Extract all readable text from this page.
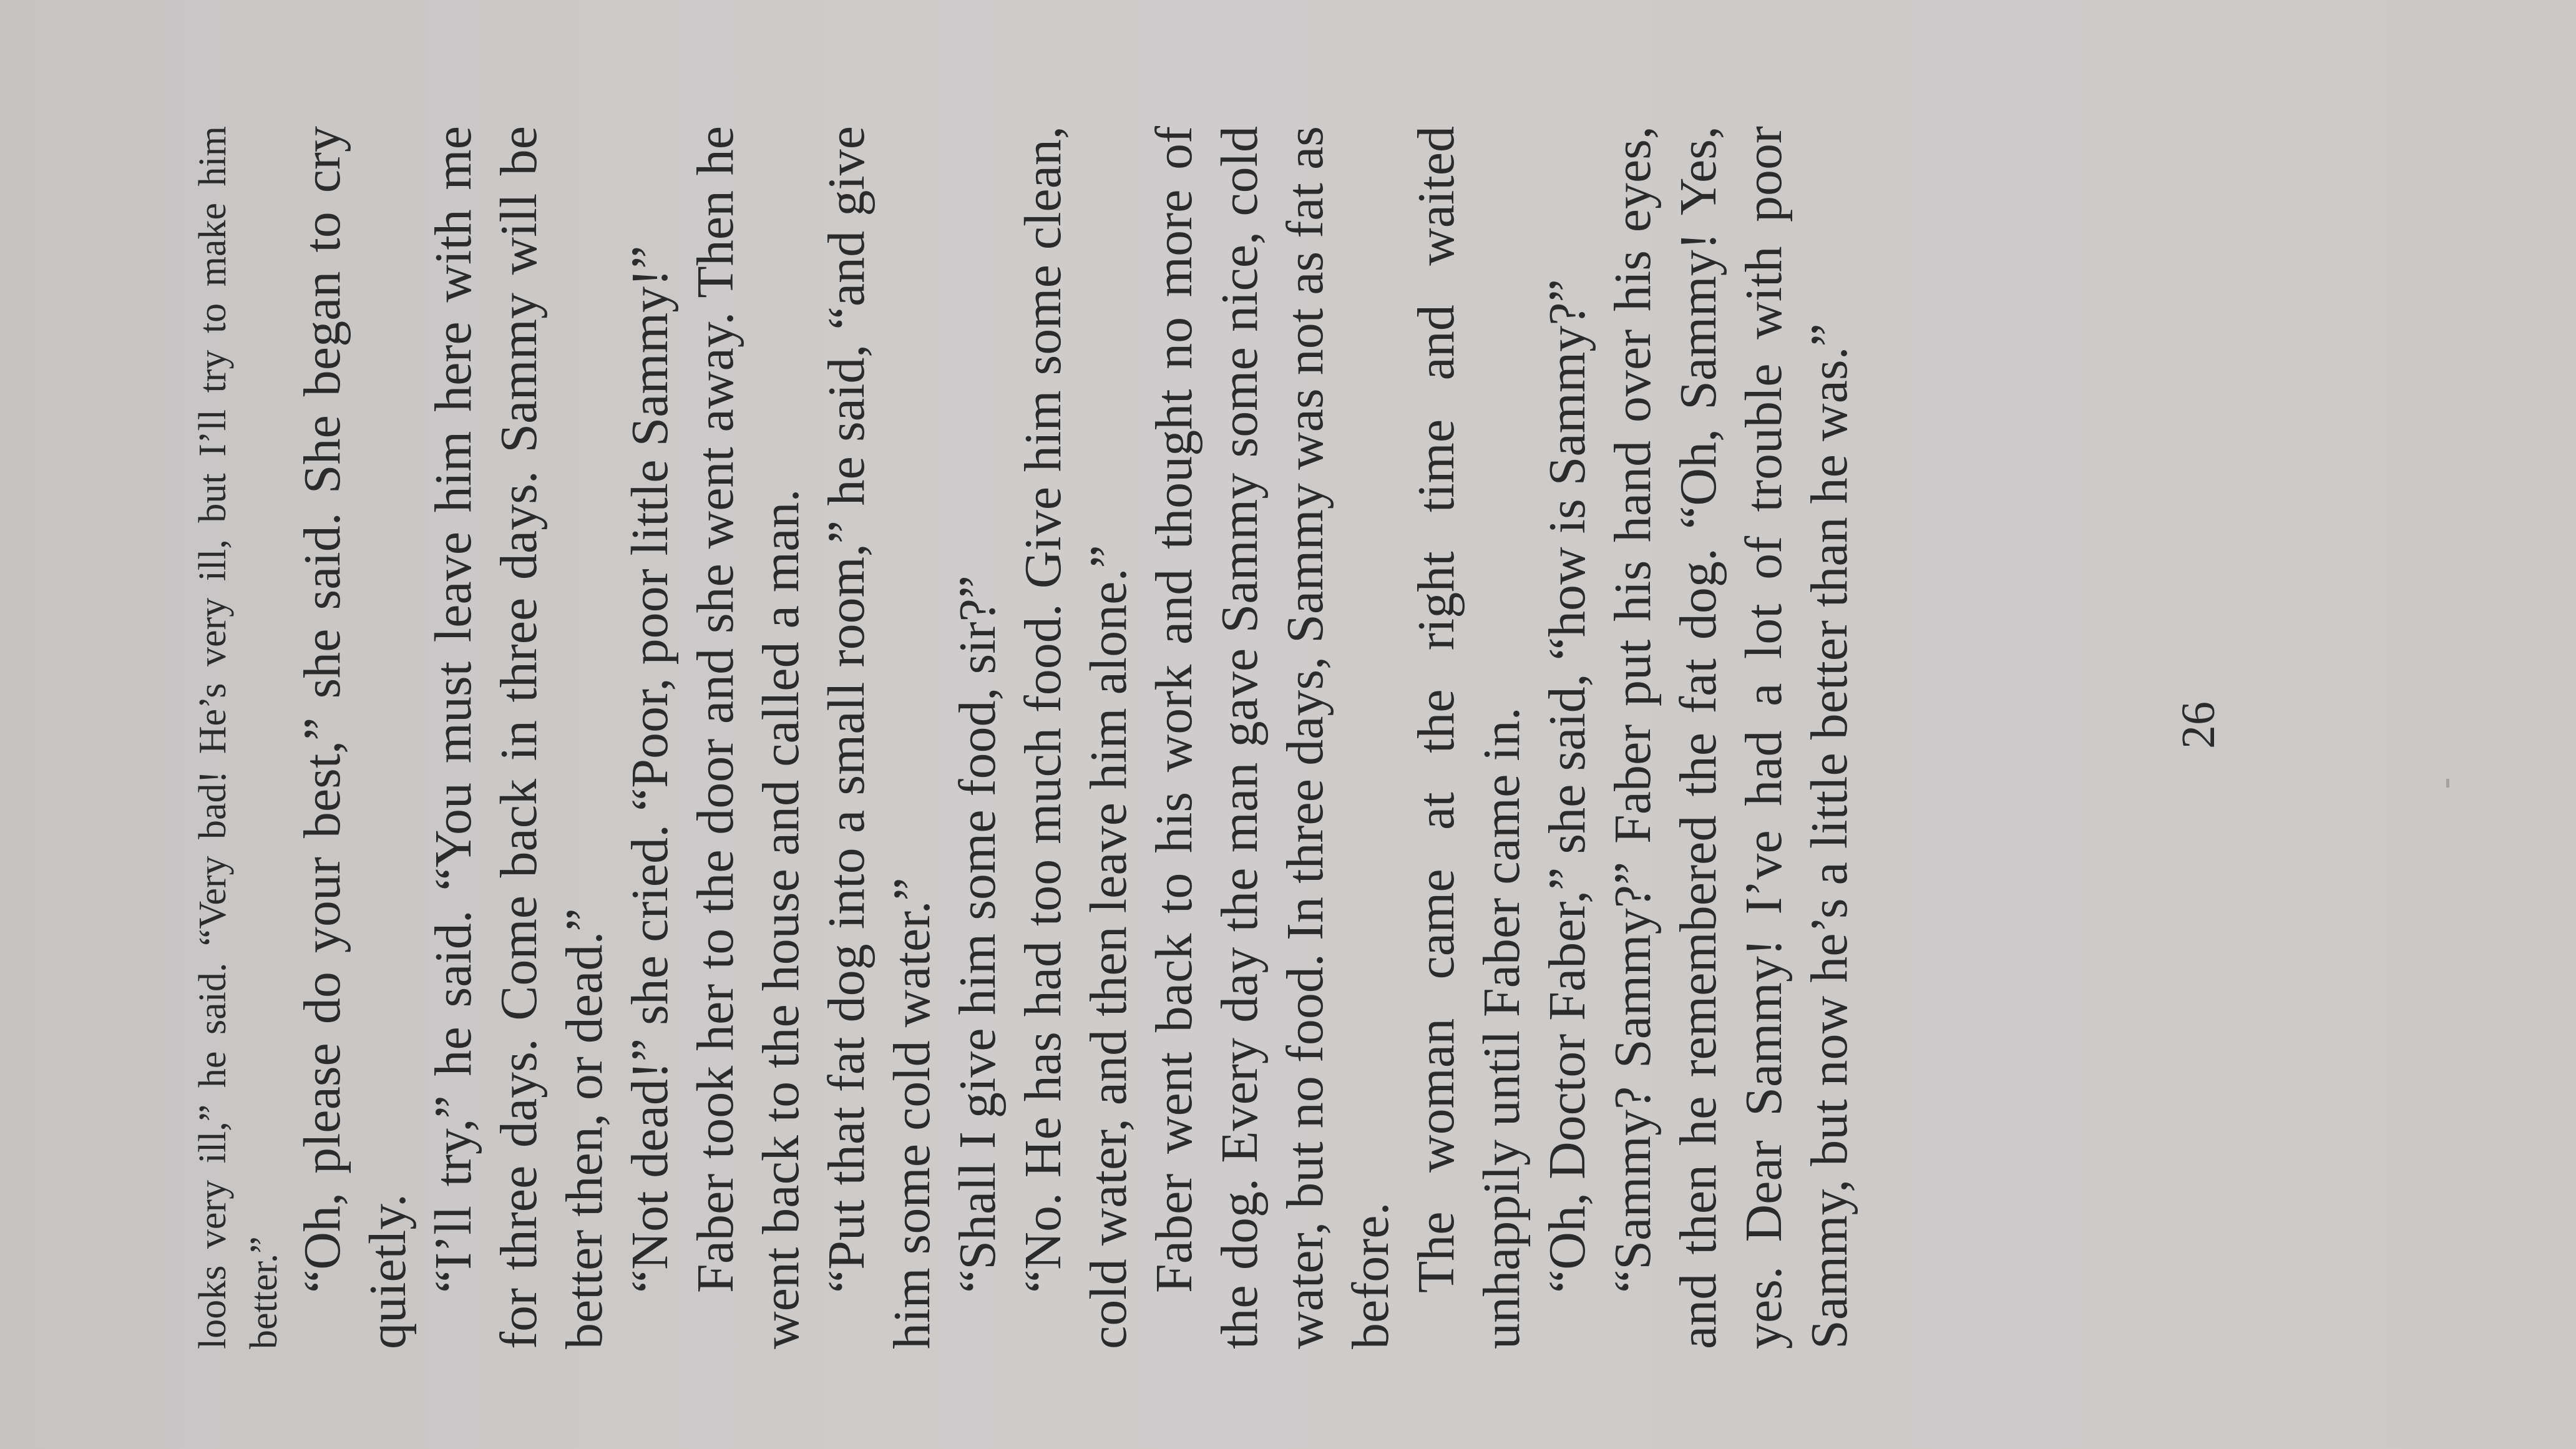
looks very ill,” he said. “Very bad! He’s very ill, but I’ll try to make him better.” “Oh, please do your best,” she said. She began to cry quietly. “I’ll try,” he said. “You must leave him here with me for three days. Come back in three days. Sammy will be better then, or dead.” “Not dead!” she cried. “Poor, poor little Sammy!” Faber took her to the door and she went away. Then he went back to the house and called a man. “Put that fat dog into a small room,” he said, “and give him some cold water.” “Shall I give him some food, sir?” “No. He has had too much food. Give him some clean, cold water, and then leave him alone.” Faber went back to his work and thought no more of the dog. Every day the man gave Sammy some nice, cold water, but no food. In three days, Sammy was not as fat as before. The woman came at the right time and waited unhappily until Faber came in. “Oh, Doctor Faber,” she said, “how is Sammy?” “Sammy? Sammy?” Faber put his hand over his eyes, and then he remembered the fat dog. “Oh, Sammy! Yes, yes. Dear Sammy! I’ve had a lot of trouble with poor Sammy, but now he’s a little better than he was.”	26
